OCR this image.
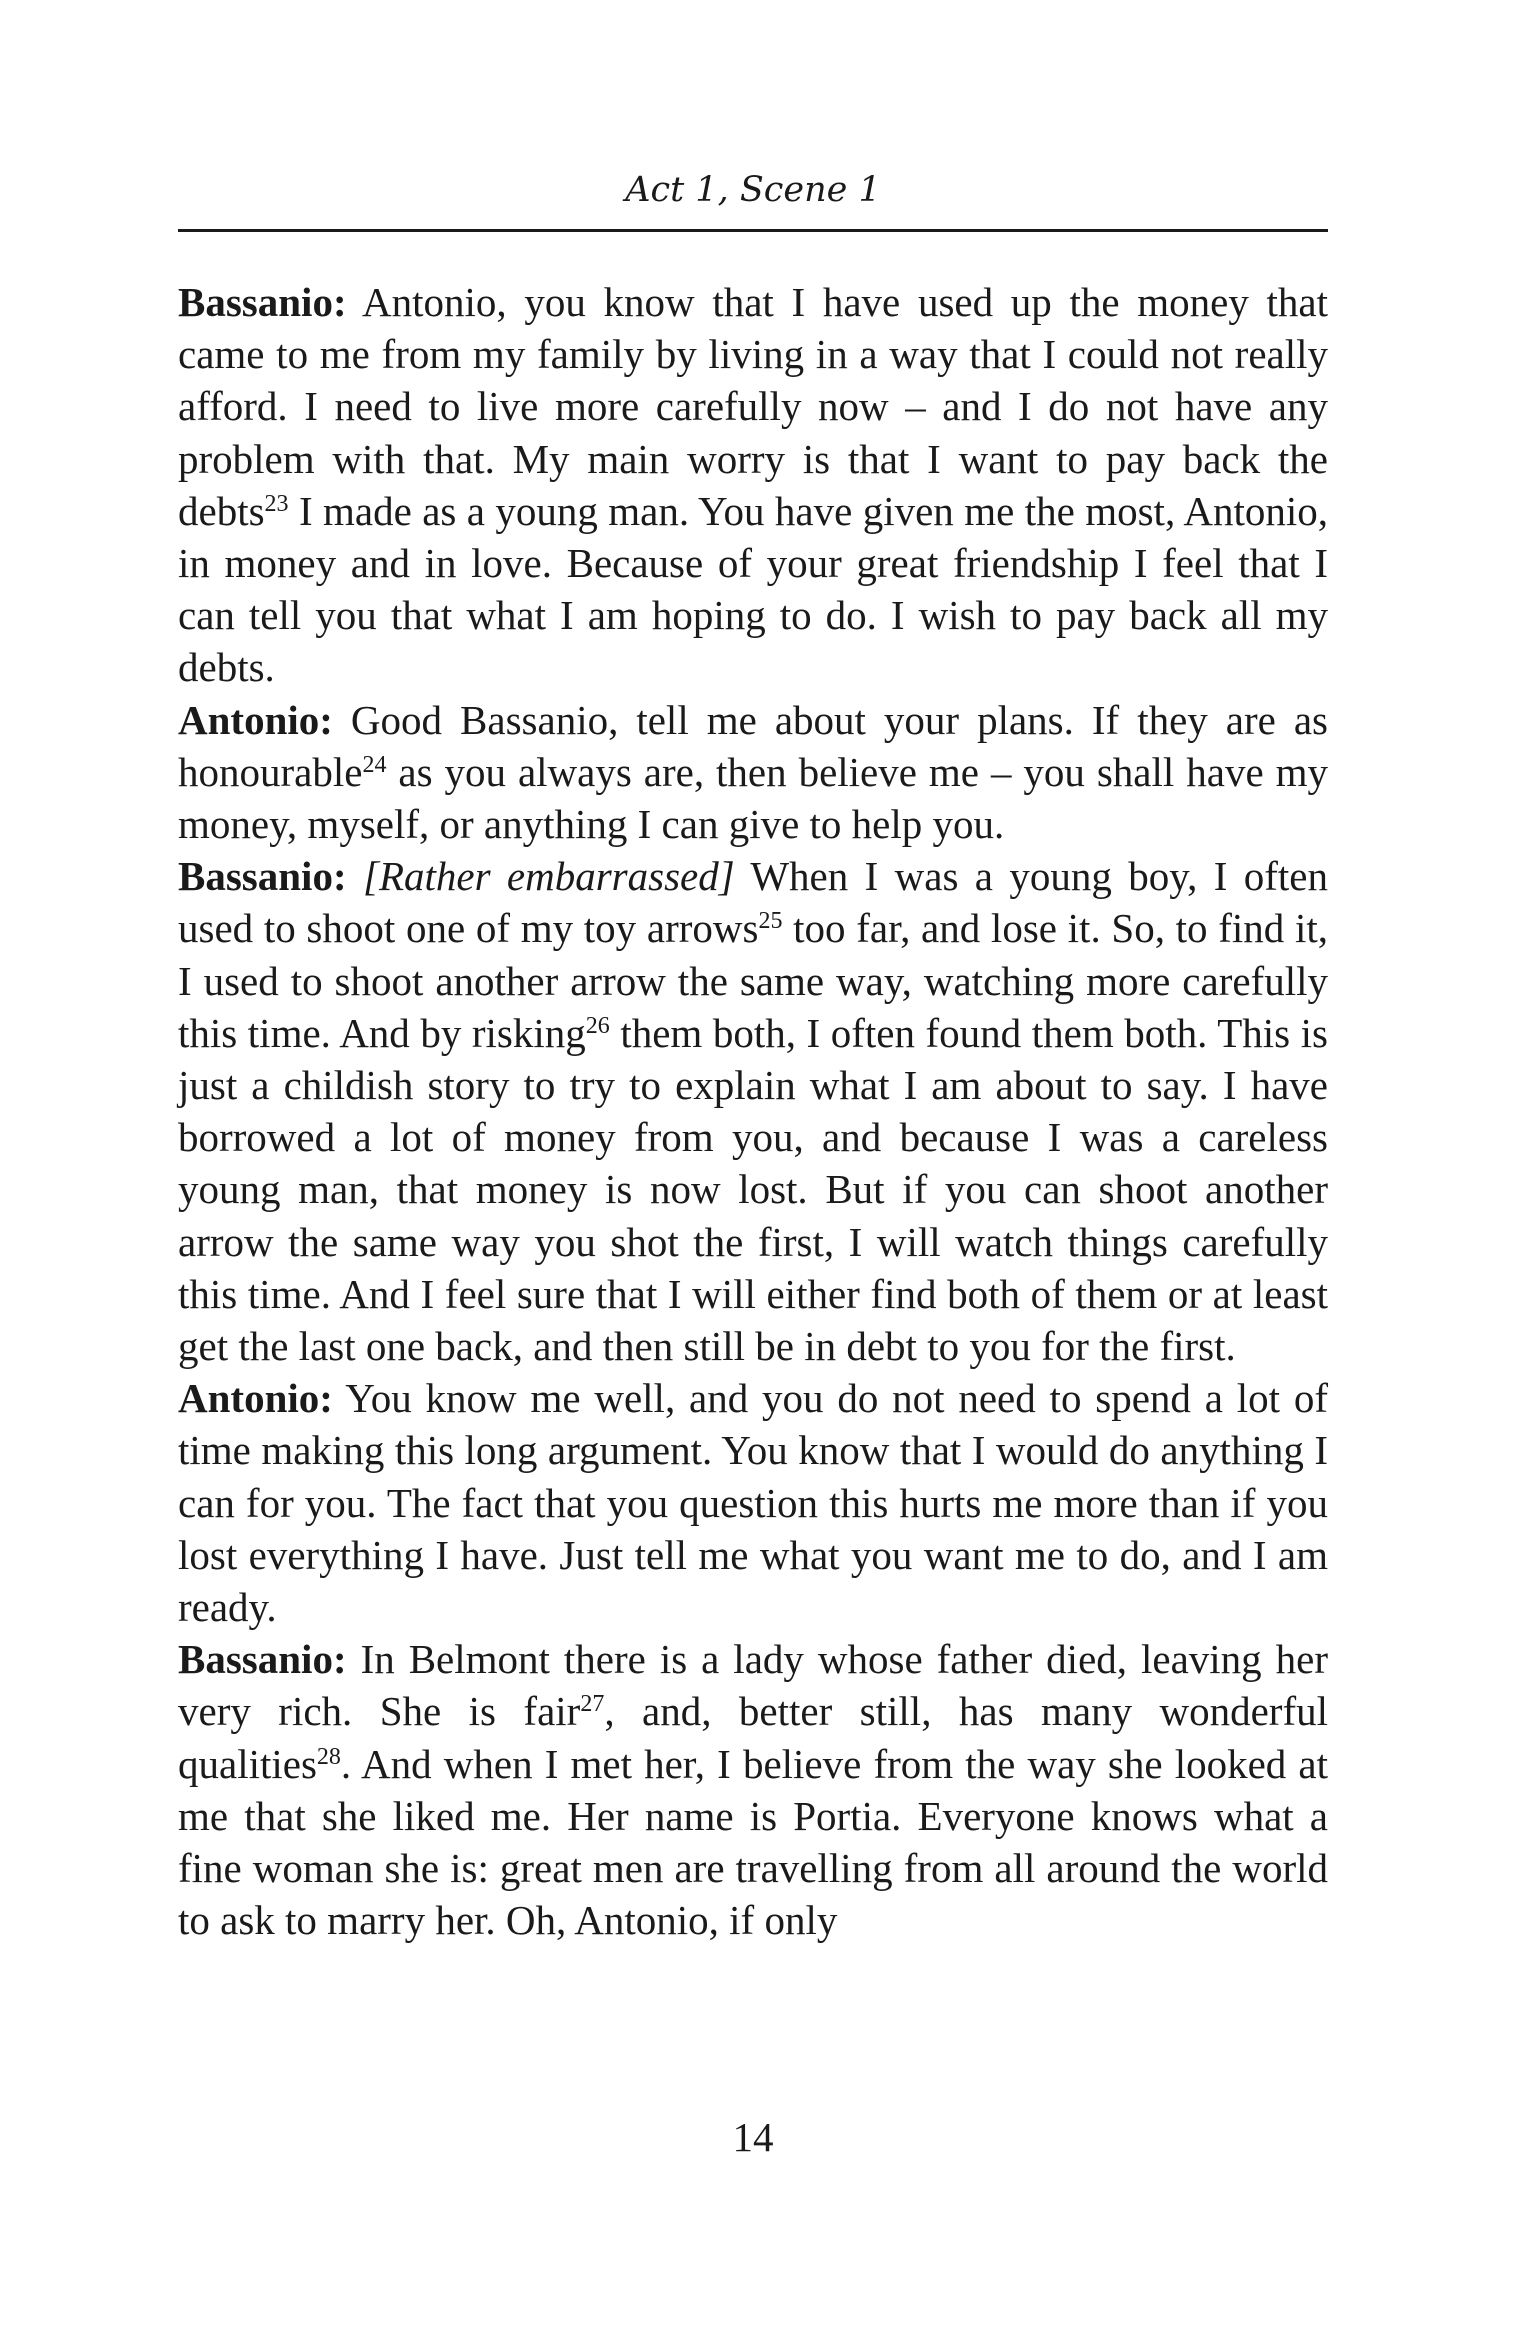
Act 1, Scene 1

Bassanio: Antonio, you know that I have used up the money that came to me from my family by living in a way that I could not really afford. I need to live more carefully now – and I do not have any problem with that. My main worry is that I want to pay back the debts$^{23}$ I made as a young man. You have given me the most, Antonio, in money and in love. Because of your great friendship I feel that I can tell you that what I am hoping to do. I wish to pay back all my debts.

Antonio: Good Bassanio, tell me about your plans. If they are as honourable$^{24}$ as you always are, then believe me – you shall have my money, myself, or anything I can give to help you.

Bassanio: [Rather embarrassed] When I was a young boy, I often used to shoot one of my toy arrows$^{25}$ too far, and lose it. So, to find it, I used to shoot another arrow the same way, watching more carefully this time. And by risking$^{26}$ them both, I often found them both. This is just a childish story to try to explain what I am about to say. I have borrowed a lot of money from you, and because I was a careless young man, that money is now lost. But if you can shoot another arrow the same way you shot the first, I will watch things carefully this time. And I feel sure that I will either find both of them or at least get the last one back, and then still be in debt to you for the first.

Antonio: You know me well, and you do not need to spend a lot of time making this long argument. You know that I would do anything I can for you. The fact that you question this hurts me more than if you lost everything I have. Just tell me what you want me to do, and I am ready.

Bassanio: In Belmont there is a lady whose father died, leaving her very rich. She is fair$^{27}$, and, better still, has many wonderful qualities$^{28}$. And when I met her, I believe from the way she looked at me that she liked me. Her name is Portia. Everyone knows what a fine woman she is: great men are travelling from all around the world to ask to marry her. Oh, Antonio, if only

14
